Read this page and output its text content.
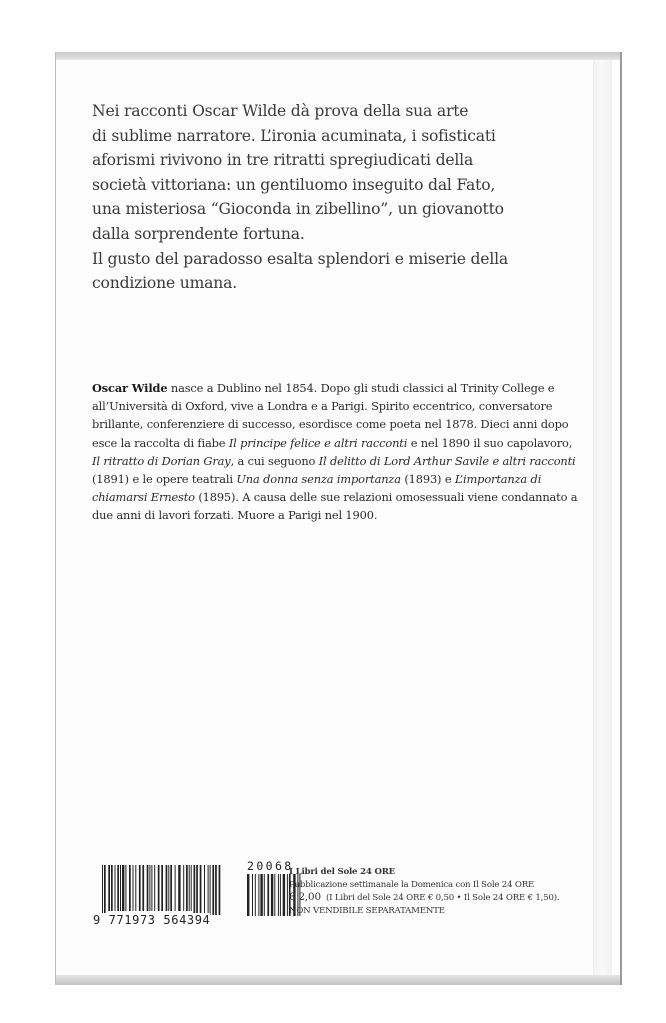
Nei racconti Oscar Wilde dà prova della sua arte
di sublime narratore. L’ironia acuminata, i sofisticati
aforismi rivivono in tre ritratti spregiudicati della
società vittoriana: un gentiluomo inseguito dal Fato,
una misteriosa “Gioconda in zibellino”, un giovanotto
dalla sorprendente fortuna.

Il gusto del paradosso esalta splendori e miserie della
condizione umana.

Oscar Wilde nasce a Dublino nel 1854. Dopo gli studi classici al Trinity College e all’Università di Oxford, vive a Londra e a Parigi. Spirito eccentrico, conversatore brillante, conferenziere di successo, esordisce come poeta nel 1878. Dieci anni dopo esce la raccolta di fiabe Il principe felice e altri racconti e nel 1890 il suo capolavoro, Il ritratto di Dorian Gray, a cui seguono Il delitto di Lord Arthur Savile e altri racconti (1891) e le opere teatrali Una donna senza importanza (1893) e L’importanza di chiamarsi Ernesto (1895). A causa delle sue relazioni omosessuali viene condannato a due anni di lavori forzati. Muore a Parigi nel 1900.
9 771973 564394
20068
I Libri del Sole 24 ORE
Pubblicazione settimanale la Domenica con Il Sole 24 ORE
€ 2,00 (I Libri del Sole 24 ORE € 0,50 • Il Sole 24 ORE € 1,50).
NON VENDIBILE SEPARATAMENTE
